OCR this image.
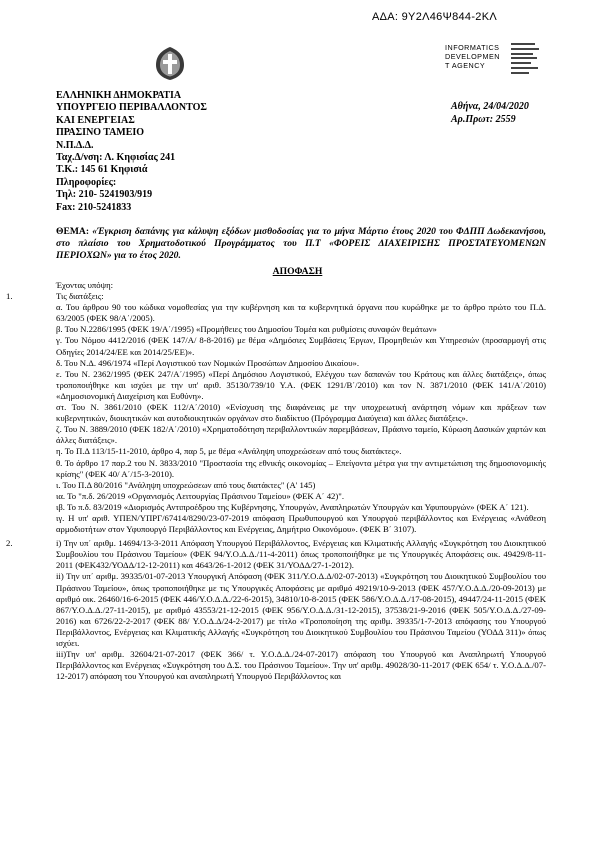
ΑΔΑ: 9Υ2Λ46Ψ844-2ΚΛ
INFORMATICS
DEVELOPMEN
T AGENCY
ΕΛΛΗΝΙΚΗ ΔΗΜΟΚΡΑΤΙΑ
ΥΠΟΥΡΓΕΙΟ ΠΕΡΙΒΑΛΛΟΝΤΟΣ
ΚΑΙ ΕΝΕΡΓΕΙΑΣ
ΠΡΑΣΙΝΟ ΤΑΜΕΙΟ
Ν.Π.Δ.Δ.
Ταχ.Δ/νση: Λ. Κηφισίας 241
Τ.Κ.: 145 61 Κηφισιά
Πληροφορίες:
Τηλ: 210- 5241903/919
Fax: 210-5241833
Αθήνα, 24/04/2020
Αρ.Πρωτ: 2559
ΘΕΜΑ: «Έγκριση δαπάνης για κάλυψη εξόδων μισθοδοσίας για το μήνα Μάρτιο έτους 2020 του ΦΔΠΠ Δωδεκανήσου, στο πλαίσιο του Χρηματοδοτικού Προγράμματος του Π.Τ «ΦΟΡΕΙΣ ΔΙΑΧΕΙΡΙΣΗΣ ΠΡΟΣΤΑΤΕΥΟΜΕΝΩΝ ΠΕΡΙΟΧΩΝ» για το έτος 2020.
ΑΠΟΦΑΣΗ

Έχοντας υπόψη:

1.	Τις διατάξεις:

α. Του άρθρου 90 του κώδικα νομοθεσίας για την κυβέρνηση και τα κυβερνητικά όργανα που κυρώθηκε με το άρθρο πρώτο του Π.Δ. 63/2005 (ΦΕΚ 98/Α΄/2005).

β. Του Ν.2286/1995 (ΦΕΚ 19/Α΄/1995) «Προμήθειες του Δημοσίου Τομέα και ρυθμίσεις συναφών θεμάτων»

γ. Του Νόμου 4412/2016 (ΦΕΚ 147/Α/ 8-8-2016) με θέμα «Δημόσιες Συμβάσεις Έργων, Προμηθειών και Υπηρεσιών (προσαρμογή στις Οδηγίες 2014/24/ΕΕ και 2014/25/ΕΕ)».

δ. Του Ν.Δ. 496/1974 «Περί Λογιστικού των Νομικών Προσώπων Δημοσίου Δικαίου».

ε. Του Ν. 2362/1995 (ΦΕΚ 247/Α΄/1995) «Περί Δημόσιου Λογιστικού, Ελέγχου των δαπανών του Κράτους και άλλες διατάξεις», όπως τροποποιήθηκε και ισχύει με την υπ' αριθ. 35130/739/10 Υ.Α. (ΦΕΚ 1291/Β΄/2010) και τον Ν. 3871/2010 (ΦΕΚ 141/Α΄/2010) «Δημοσιονομική Διαχείριση και Ευθύνη».

στ. Του Ν. 3861/2010 (ΦΕΚ 112/Α΄/2010) «Ενίσχυση της διαφάνειας με την υποχρεωτική ανάρτηση νόμων και πράξεων των κυβερνητικών, διοικητικών και αυτοδιοικητικών οργάνων στο διαδίκτυο (Πρόγραμμα Διαύγεια) και άλλες διατάξεις».

ζ. Του Ν. 3889/2010 (ΦΕΚ 182/Α΄/2010) «Χρηματοδότηση περιβαλλοντικών παρεμβάσεων, Πράσινο ταμείο, Κύρωση Δασικών χαρτών και άλλες διατάξεις».

η. Το Π.Δ 113/15-11-2010, άρθρο 4, παρ 5, με θέμα «Ανάληψη υποχρεώσεων από τους διατάκτες».

θ. Το άρθρο 17 παρ.2 του Ν. 3833/2010 "Προστασία της εθνικής οικονομίας – Επείγοντα μέτρα για την αντιμετώπιση της δημοσιονομικής κρίσης" (ΦΕΚ 40/ Α΄/15-3-2010).

ι. Του Π.Δ 80/2016 "Ανάληψη υποχρεώσεων από τους διατάκτες" (Α' 145)

ια. Το "π.δ. 26/2019 «Οργανισμός Λειτουργίας Πράσινου Ταμείου» (ΦΕΚ Α΄ 42)".

ιβ. Το π.δ. 83/2019 «Διορισμός Αντιπροέδρου της Κυβέρνησης, Υπουργών, Αναπληρωτών Υπουργών και Υφυπουργών» (ΦΕΚ Α΄ 121).

ιγ. Η υπ' αριθ. ΥΠΕΝ/ΥΠΡΓ/67414/8290/23-07-2019 απόφαση Πρωθυπουργού και Υπουργού περιβάλλοντος και Ενέργειας «Ανάθεση αρμοδιοτήτων στον Υφυπουργό Περιβάλλοντος και Ενέργειας, Δημήτριο Οικονόμου». (ΦΕΚ Β΄ 3107).

2.	i) Την υπ΄ αριθμ. 14694/13-3-2011 Απόφαση Υπουργού Περιβάλλοντος, Ενέργειας και Κλιματικής Αλλαγής «Συγκρότηση του Διοικητικού Συμβουλίου του Πράσινου Ταμείου» (ΦΕΚ 94/Υ.Ο.Δ.Δ./11-4-2011) όπως τροποποιήθηκε με τις Υπουργικές Αποφάσεις οικ. 49429/8-11-2011 (ΦΕΚ432/ΥΟΔΔ/12-12-2011) και 4643/26-1-2012 (ΦΕΚ 31/ΥΟΔΔ/27-1-2012).

ii) Την υπ΄ αριθμ. 39335/01-07-2013 Υπουργική Απόφαση (ΦΕΚ 311/Υ.Ο.Δ.Δ/02-07-2013) «Συγκρότηση του Διοικητικού Συμβουλίου του Πράσινου Ταμείου», όπως τροποποιήθηκε με τις Υπουργικές Αποφάσεις με αριθμό 49219/10-9-2013 (ΦΕΚ 457/Υ.Ο.Δ.Δ./20-09-2013) με αριθμό οικ. 26460/16-6-2015 (ΦΕΚ 446/Υ.Ο.Δ.Δ./22-6-2015), 34810/10-8-2015 (ΦΕΚ 586/Υ.Ο.Δ.Δ./17-08-2015), 49447/24-11-2015 (ΦΕΚ 867/Υ.Ο.Δ.Δ./27-11-2015), με αριθμό 43553/21-12-2015 (ΦΕΚ 956/Υ.Ο.Δ.Δ./31-12-2015), 37538/21-9-2016 (ΦΕΚ 505/Υ.Ο.Δ.Δ./27-09-2016) και 6726/22-2-2017 (ΦΕΚ 88/ Υ.Ο.Δ.Δ/24-2-2017) με τίτλο «Τροποποίηση της αριθμ. 39335/1-7-2013 απόφασης του Υπουργού Περιβάλλοντος, Ενέργειας και Κλιματικής Αλλαγής «Συγκρότηση του Διοικητικού Συμβουλίου του Πράσινου Ταμείου (ΥΟΔΔ 311)» όπως ισχύει.

iii)Την υπ' αριθμ. 32604/21-07-2017 (ΦΕΚ 366/ τ. Υ.Ο.Δ.Δ./24-07-2017) απόφαση του Υπουργού και Αναπληρωτή Υπουργού Περιβάλλοντος και Ενέργειας «Συγκρότηση του Δ.Σ. του Πράσινου Ταμείου». Την υπ' αριθμ. 49028/30-11-2017 (ΦΕΚ 654/ τ. Υ.Ο.Δ.Δ./07-12-2017) απόφαση του Υπουργού και αναπληρωτή Υπουργού Περιβάλλοντος και
